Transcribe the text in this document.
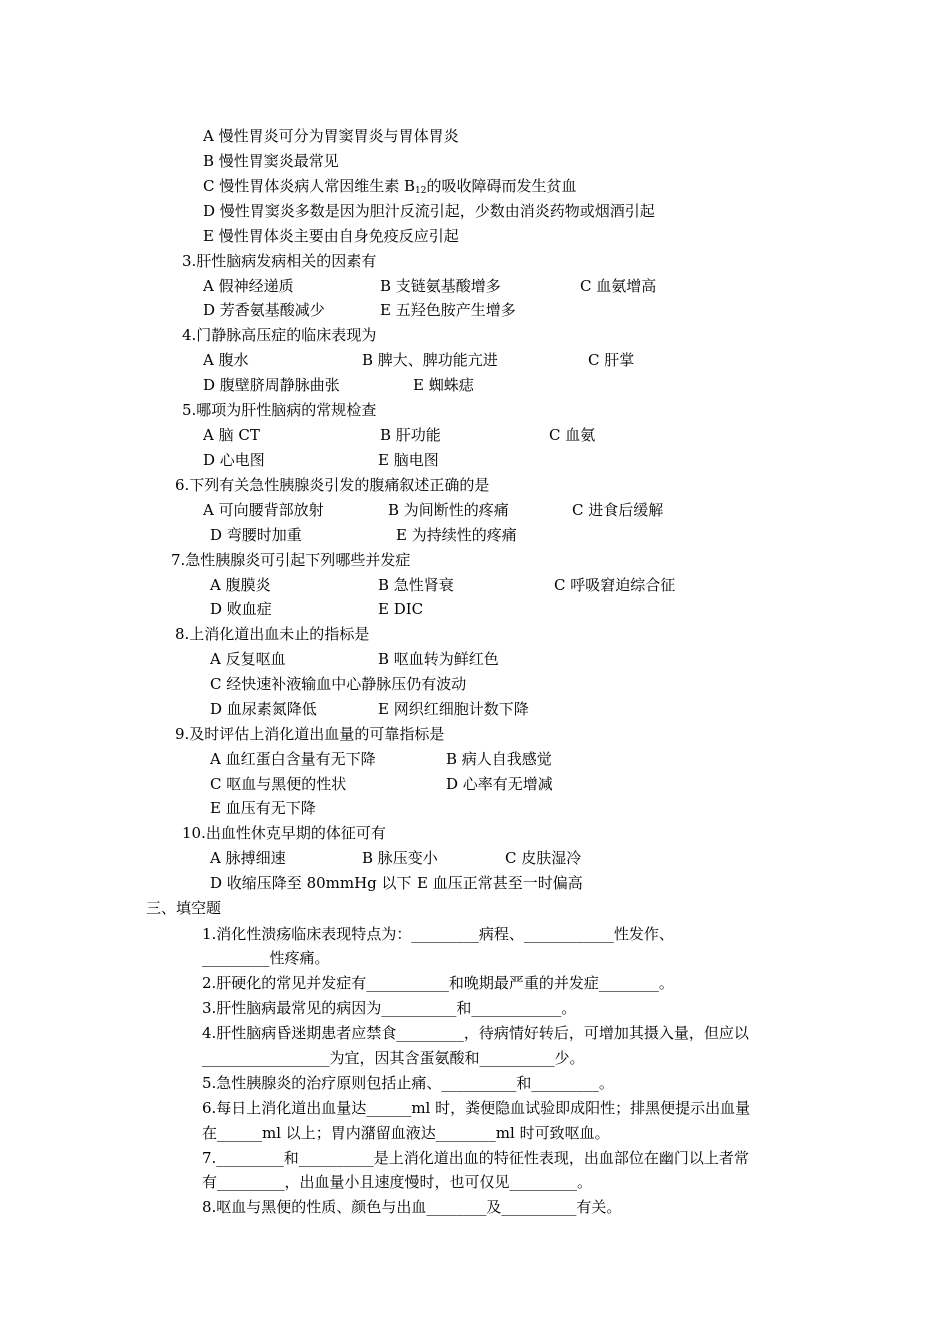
A 慢性胃炎可分为胃窦胃炎与胃体胃炎
B 慢性胃窦炎最常见
C 慢性胃体炎病人常因维生素 $B_{12}$的吸收障碍而发生贫血
D 慢性胃窦炎多数是因为胆汁反流引起，少数由消炎药物或烟酒引起
E 慢性胃体炎主要由自身免疫反应引起
3.肝性脑病发病相关的因素有
A 假神经递质	B 支链氨基酸增多	C 血氨增高
D 芳香氨基酸减少	E 五羟色胺产生增多
4.门静脉高压症的临床表现为
A 腹水	B 脾大、脾功能亢进	C 肝掌
D 腹壁脐周静脉曲张	E 蜘蛛痣
5.哪项为肝性脑病的常规检查
A 脑 CT	B 肝功能	C 血氨
D 心电图	E 脑电图
6.下列有关急性胰腺炎引发的腹痛叙述正确的是
A 可向腰背部放射	B 为间断性的疼痛	C 进食后缓解
D 弯腰时加重	E 为持续性的疼痛
7.急性胰腺炎可引起下列哪些并发症
A 腹膜炎	B 急性肾衰	C 呼吸窘迫综合征
D 败血症	E DIC
8.上消化道出血未止的指标是
A 反复呕血	B 呕血转为鲜红色
C 经快速补液输血中心静脉压仍有波动
D 血尿素氮降低	E 网织红细胞计数下降
9.及时评估上消化道出血量的可靠指标是
A 血红蛋白含量有无下降	B 病人自我感觉
C 呕血与黑便的性状	D 心率有无增减
E 血压有无下降
10.出血性休克早期的体征可有
A 脉搏细速	B 脉压变小	C 皮肤湿冷
D 收缩压降至 80mmHg 以下 E 血压正常甚至一时偏高
三、填空题
1.消化性溃疡临床表现特点为：_________病程、____________性发作、
_________性疼痛。
2.肝硬化的常见并发症有___________和晚期最严重的并发症________。
3.肝性脑病最常见的病因为__________和____________。
4.肝性脑病昏迷期患者应禁食_________，待病情好转后，可增加其摄入量，但应以
_________________为宜，因其含蛋氨酸和__________少。
5.急性胰腺炎的治疗原则包括止痛、__________和_________。
6.每日上消化道出血量达______ml 时，粪便隐血试验即成阳性；排黑便提示出血量
在______ml 以上；胃内潴留血液达________ml 时可致呕血。
7._________和__________是上消化道出血的特征性表现，出血部位在幽门以上者常
有_________，出血量小且速度慢时，也可仅见_________。
8.呕血与黑便的性质、颜色与出血________及__________有关。
